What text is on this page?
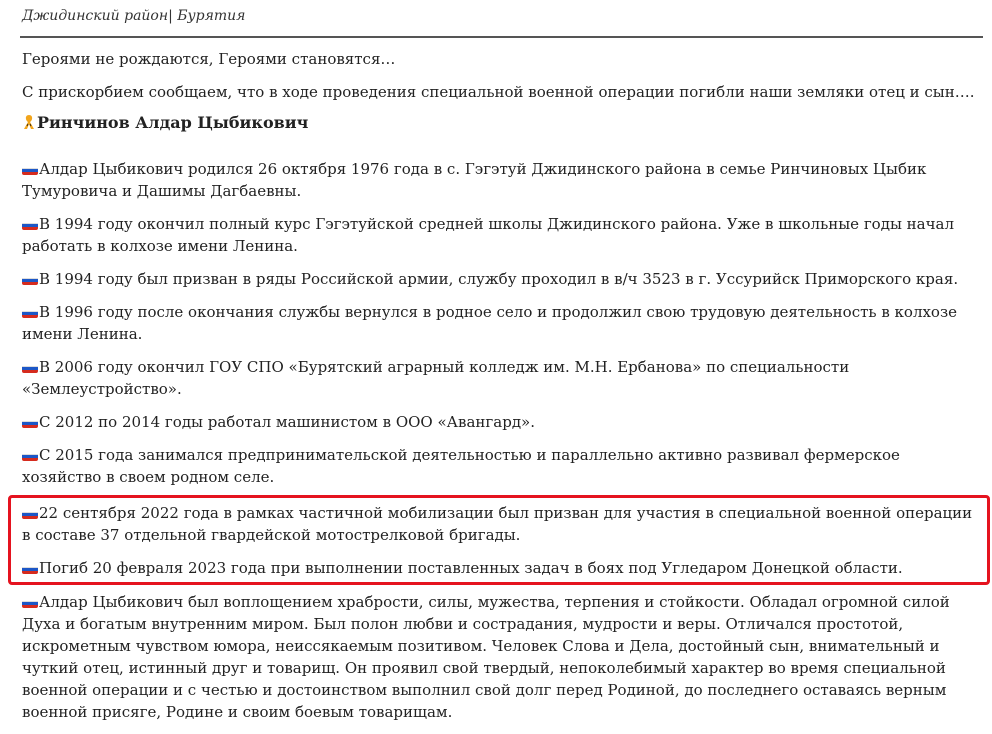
Джидинский район| Бурятия

Героями не рождаются, Героями становятся…

С прискорбием сообщаем, что в ходе проведения специальной военной операции погибли наши земляки отец и сын….

Ринчинов Алдар Цыбикович

Алдар Цыбикович родился 26 октября 1976 года в с. Гэгэтуй Джидинского района в семье Ринчиновых Цыбик Тумуровича и Дашимы Дагбаевны.

В 1994 году окончил полный курс Гэгэтуйской средней школы Джидинского района. Уже в школьные годы начал работать в колхозе имени Ленина.

В 1994 году был призван в ряды Российской армии, службу проходил в в/ч 3523 в г. Уссурийск Приморского края.

В 1996 году после окончания службы вернулся в родное село и продолжил свою трудовую деятельность в колхозе имени Ленина.

В 2006 году окончил ГОУ СПО «Бурятский аграрный колледж им. М.Н. Ербанова» по специальности «Землеустройство».

С 2012 по 2014 годы работал машинистом в ООО «Авангард».

С 2015 года занимался предпринимательской деятельностью и параллельно активно развивал фермерское хозяйство в своем родном селе.

22 сентября 2022 года в рамках частичной мобилизации был призван для участия в специальной военной операции в составе 37 отдельной гвардейской мотострелковой бригады.

Погиб 20 февраля 2023 года при выполнении поставленных задач в боях под Угледаром Донецкой области.

Алдар Цыбикович был воплощением храбрости, силы, мужества, терпения и стойкости. Обладал огромной силой Духа и богатым внутренним миром. Был полон любви и сострадания, мудрости и веры. Отличался простотой, искрометным чувством юмора, неиссякаемым позитивом. Человек Слова и Дела, достойный сын, внимательный и чуткий отец, истинный друг и товарищ. Он проявил свой твердый, непоколебимый характер во время специальной военной операции и с честью и достоинством выполнил свой долг перед Родиной, до последнего оставаясь верным военной присяге, Родине и своим боевым товарищам.
